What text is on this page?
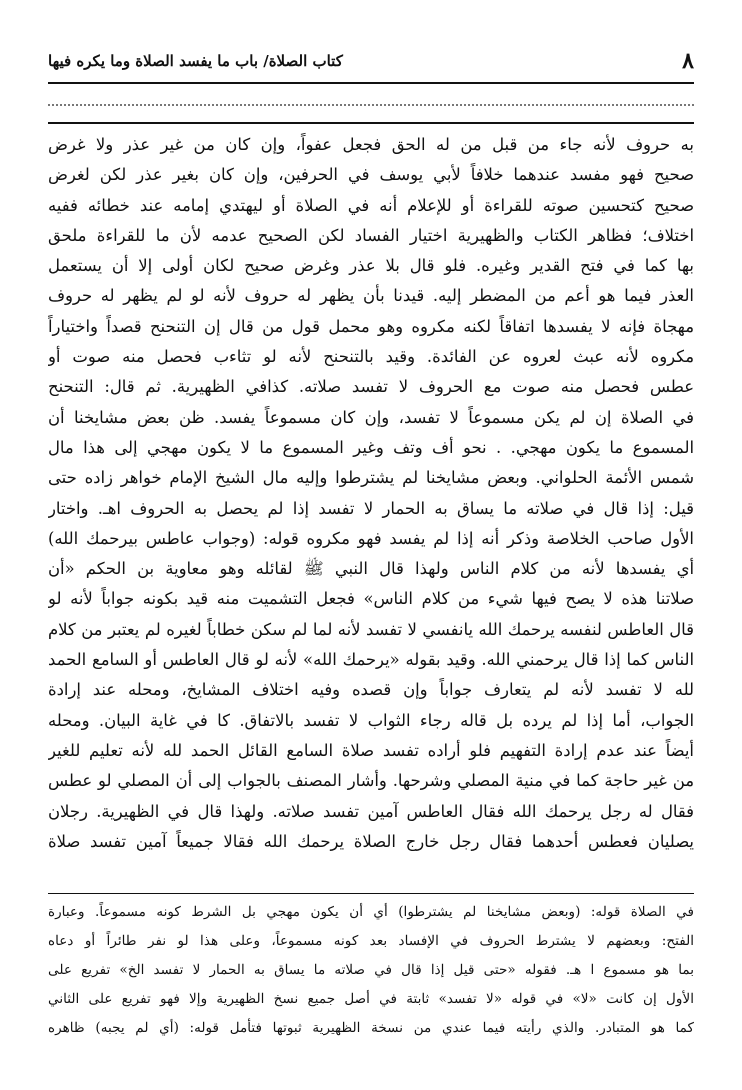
٨
كتاب الصلاة/ باب ما يفسد الصلاة وما يكره فيها
به حروف لأنه جاء من قبل من له الحق فجعل عفواً، وإن كان من غير عذر ولا غرض
صحيح فهو مفسد عندهما خلافاً لأبي يوسف في الحرفين، وإن كان بغير عذر لكن لغرض
صحيح كتحسين صوته للقراءة أو للإعلام أنه في الصلاة أو ليهتدي إمامه عند خطائه ففيه
اختلاف؛ فظاهر الكتاب والظهيرية اختيار الفساد لكن الصحيح عدمه لأن ما للقراءة ملحق
بها كما في فتح القدير وغيره. فلو قال بلا عذر وغرض صحيح لكان أولى إلا أن يستعمل
العذر فيما هو أعم من المضطر إليه. قيدنا بأن يظهر له حروف لأنه لو لم يظهر له حروف
مهجاة فإنه لا يفسدها اتفاقاً لكنه مكروه وهو محمل قول من قال إن التنحنح قصداً واختياراً
مكروه لأنه عبث لعروه عن الفائدة. وقيد بالتنحنح لأنه لو تثاءب فحصل منه صوت أو
عطس فحصل منه صوت مع الحروف لا تفسد صلاته. كذافي الظهيرية. ثم قال: التنحنح
في الصلاة إن لم يكن مسموعاً لا تفسد، وإن كان مسموعاً يفسد. ظن بعض مشايخنا أن
المسموع ما يكون مهجي. . نحو أف وتف وغير المسموع ما لا يكون مهجي إلى هذا مال
شمس الأئمة الحلواني. وبعض مشايخنا لم يشترطوا وإليه مال الشيخ الإمام خواهر زاده حتى
قيل: إذا قال في صلاته ما يساق به الحمار لا تفسد إذا لم يحصل به الحروف اهـ. واختار
الأول صاحب الخلاصة وذكر أنه إذا لم يفسد فهو مكروه قوله: (وجواب عاطس بيرحمك الله)
أي يفسدها لأنه من كلام الناس ولهذا قال النبي ﷺ لقائله وهو معاوية بن الحكم «أن
صلاتنا هذه لا يصح فيها شيء من كلام الناس» فجعل التشميت منه قيد بكونه جواباً لأنه لو
قال العاطس لنفسه يرحمك الله يانفسي لا تفسد لأنه لما لم سكن خطاباً لغيره لم يعتبر من كلام
الناس كما إذا قال يرحمني الله. وقيد بقوله «يرحمك الله» لأنه لو قال العاطس أو السامع الحمد
لله لا تفسد لأنه لم يتعارف جواباً وإن قصده وفيه اختلاف المشايخ، ومحله عند إرادة
الجواب، أما إذا لم يرده بل قاله رجاء الثواب لا تفسد بالاتفاق. كا في غاية البيان. ومحله
أيضاً عند عدم إرادة التفهيم فلو أراده تفسد صلاة السامع القائل الحمد لله لأنه تعليم للغير
من غير حاجة كما في منية المصلي وشرحها. وأشار المصنف بالجواب إلى أن المصلي لو عطس
فقال له رجل يرحمك الله فقال العاطس آمين تفسد صلاته. ولهذا قال في الظهيرية. رجلان
يصليان فعطس أحدهما فقال رجل خارج الصلاة يرحمك الله فقالا جميعاً آمين تفسد صلاة
في الصلاة قوله: (وبعض مشايخنا لم يشترطوا) أي أن يكون مهجي بل الشرط كونه مسموعاً. وعبارة
الفتح: وبعضهم لا يشترط الحروف في الإفساد بعد كونه مسموعاً، وعلى هذا لو نفر طائراً أو دعاه
بما هو مسموع ا هـ. فقوله «حتى قيل إذا قال في صلاته ما يساق به الحمار لا تفسد الخ» تفريع على
الأول إن كانت «لا» في قوله «لا تفسد» ثابتة في أصل جميع نسخ الظهيرية وإلا فهو تفريع على الثاني
كما هو المتبادر. والذي رأيته فيما عندي من نسخة الظهيرية ثبوتها فتأمل قوله: (أي لم يجبه) ظاهره
